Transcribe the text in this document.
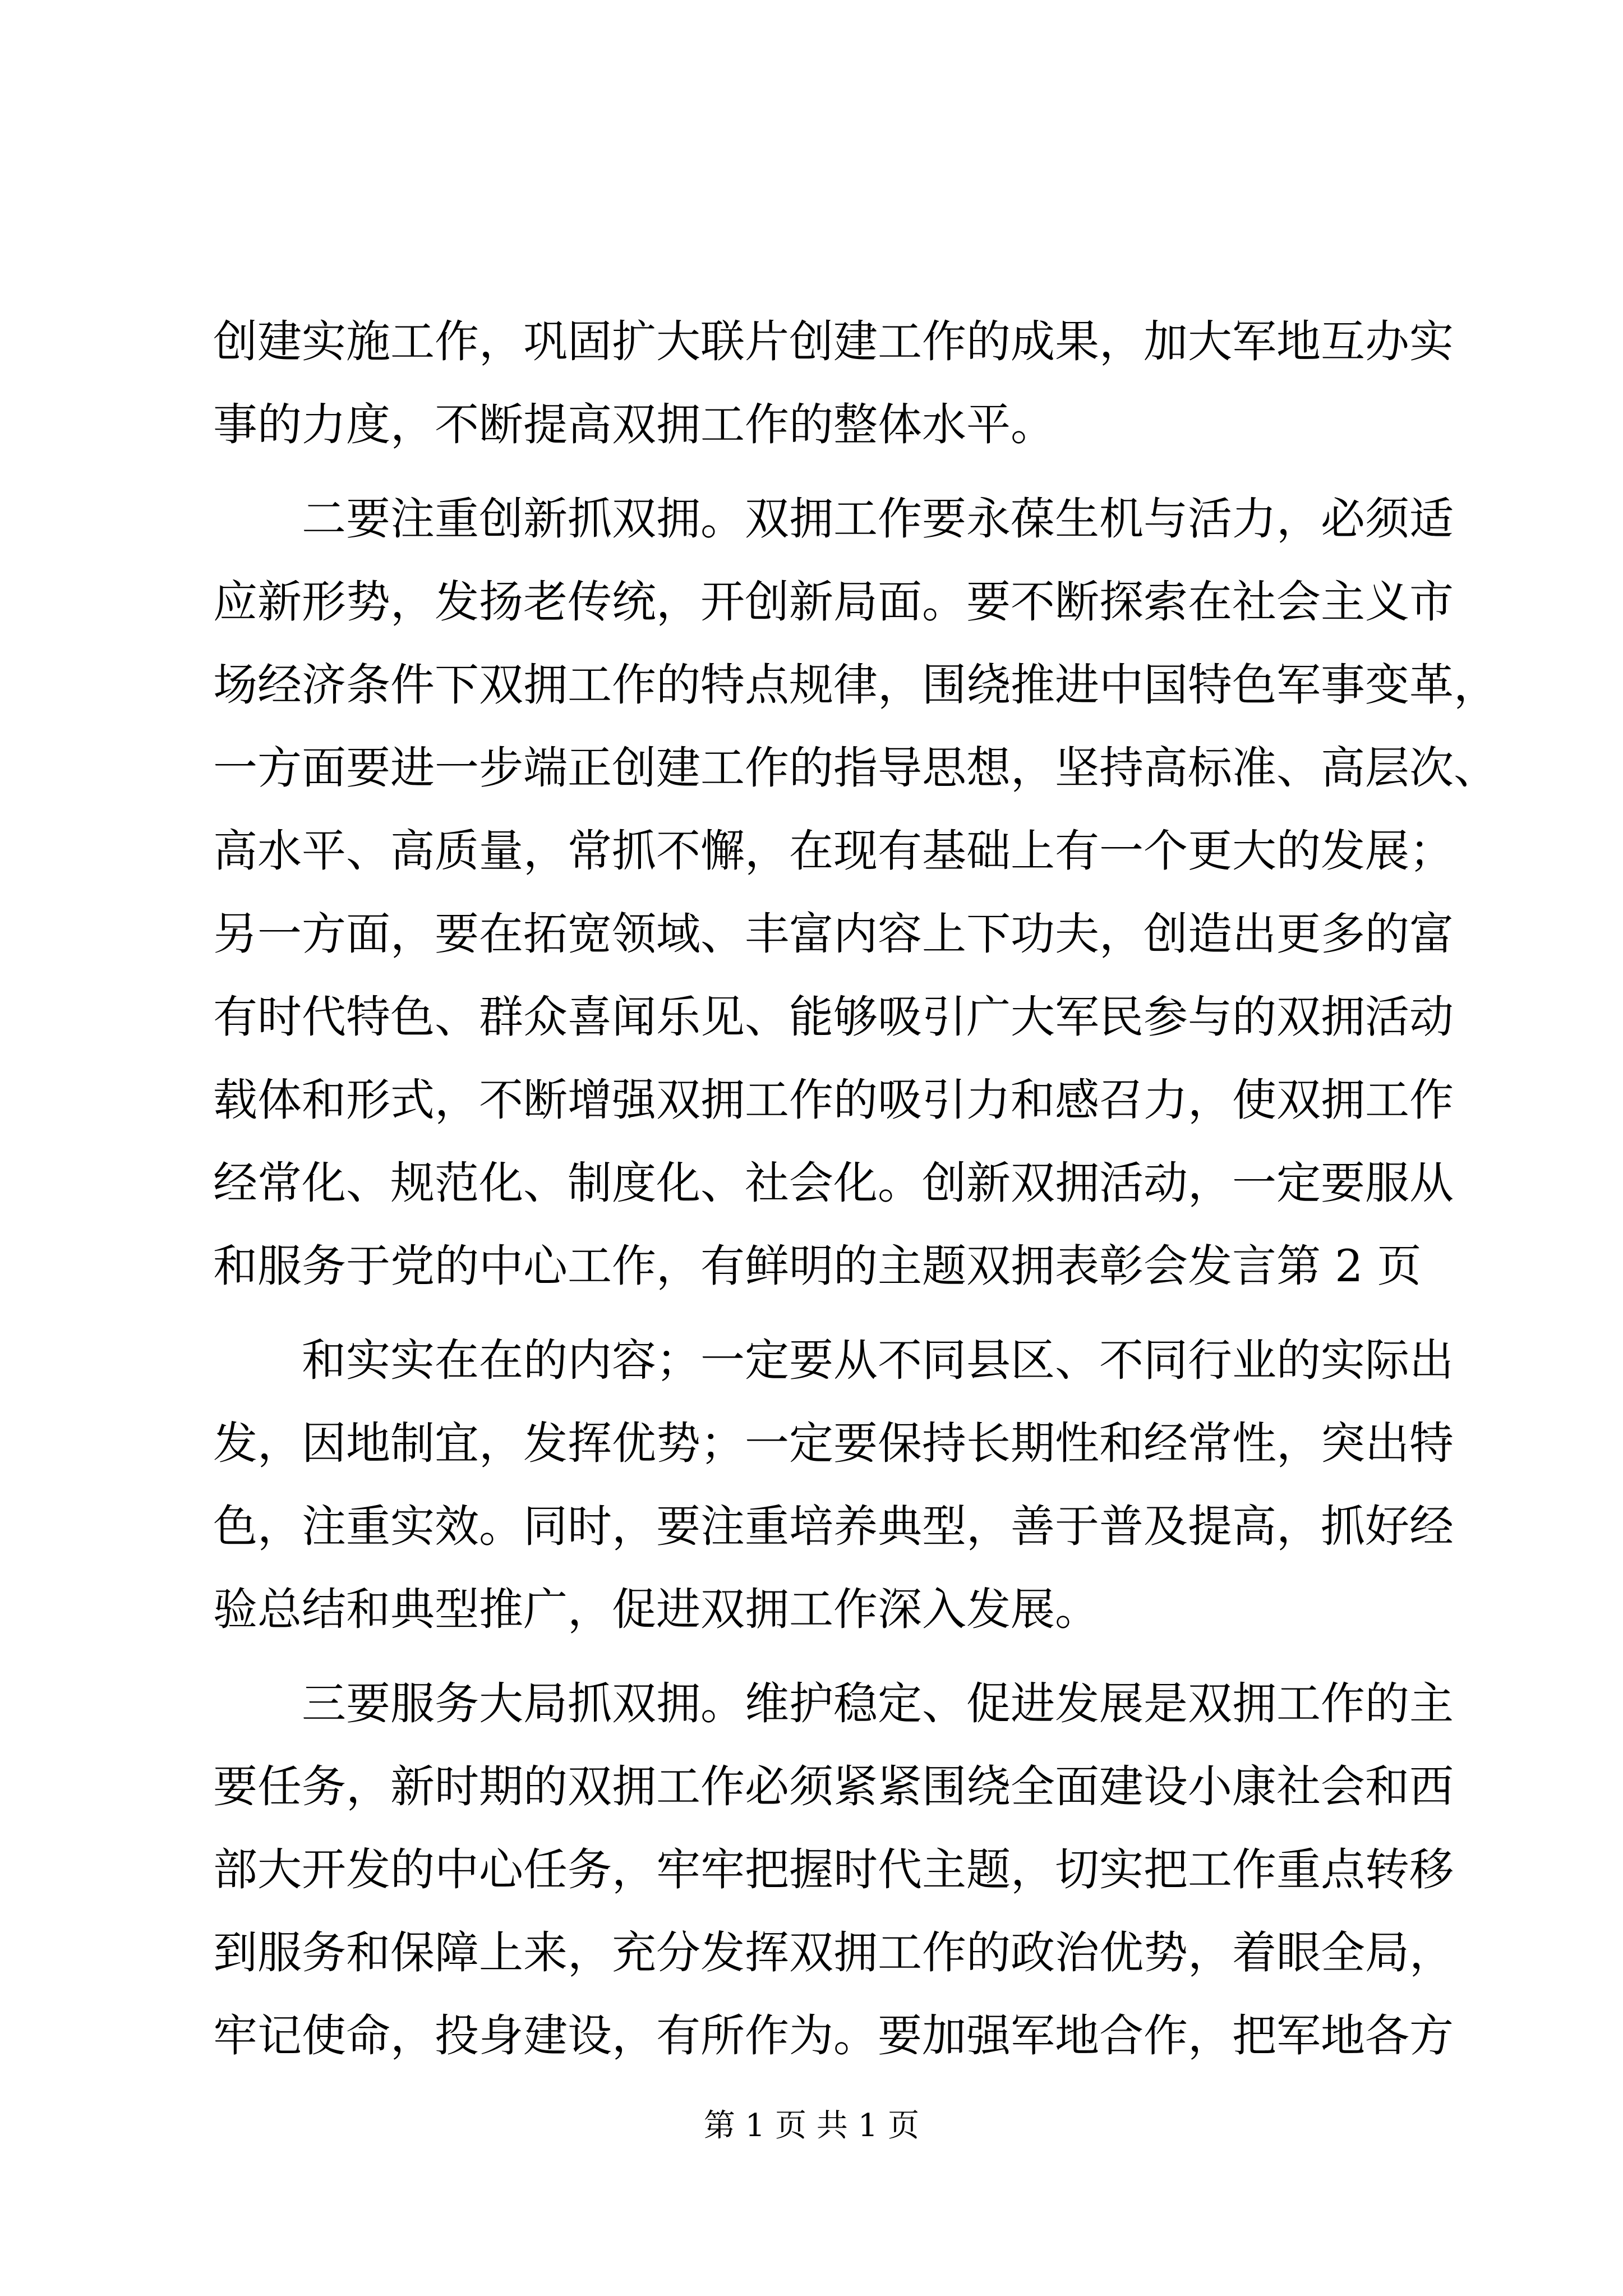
创建实施工作，巩固扩大联片创建工作的成果，加大军地互办实
事的力度，不断提高双拥工作的整体水平。
　　二要注重创新抓双拥。双拥工作要永葆生机与活力，必须适
应新形势，发扬老传统，开创新局面。要不断探索在社会主义市
场经济条件下双拥工作的特点规律，围绕推进中国特色军事变革，
一方面要进一步端正创建工作的指导思想，坚持高标准、高层次、
高水平、高质量，常抓不懈，在现有基础上有一个更大的发展；
另一方面，要在拓宽领域、丰富内容上下功夫，创造出更多的富
有时代特色、群众喜闻乐见、能够吸引广大军民参与的双拥活动
载体和形式，不断增强双拥工作的吸引力和感召力，使双拥工作
经常化、规范化、制度化、社会化。创新双拥活动，一定要服从
和服务于党的中心工作，有鲜明的主题双拥表彰会发言第 2 页
　　和实实在在的内容；一定要从不同县区、不同行业的实际出
发，因地制宜，发挥优势；一定要保持长期性和经常性，突出特
色，注重实效。同时，要注重培养典型，善于普及提高，抓好经
验总结和典型推广，促进双拥工作深入发展。
　　三要服务大局抓双拥。维护稳定、促进发展是双拥工作的主
要任务，新时期的双拥工作必须紧紧围绕全面建设小康社会和西
部大开发的中心任务，牢牢把握时代主题，切实把工作重点转移
到服务和保障上来，充分发挥双拥工作的政治优势，着眼全局，
牢记使命，投身建设，有所作为。要加强军地合作，把军地各方
第 1 页 共 1 页
